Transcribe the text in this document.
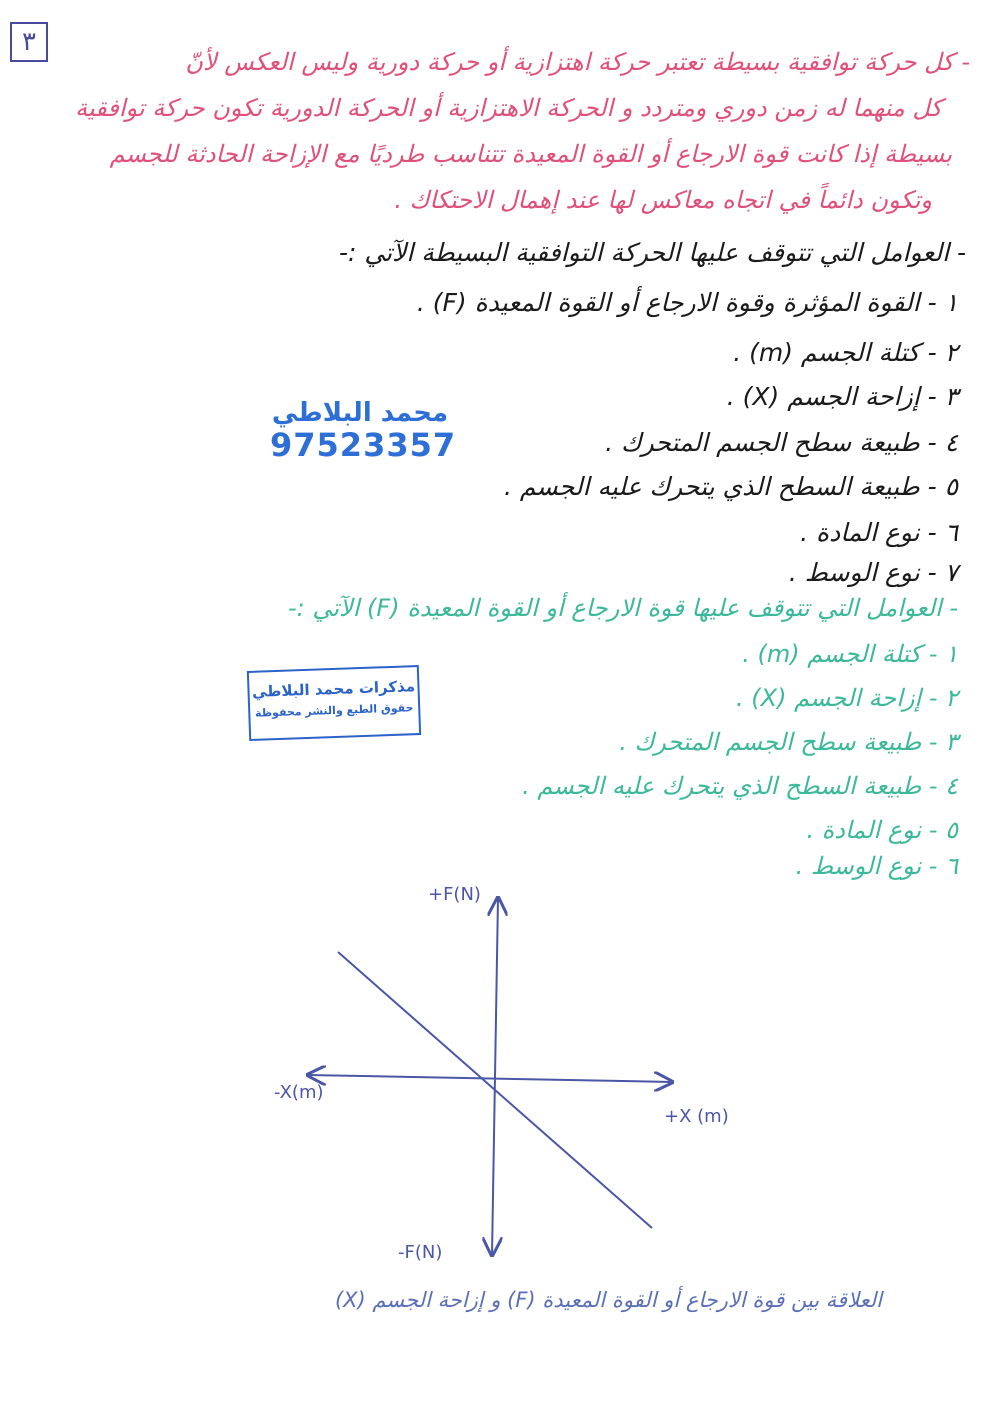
٣
- كل حركة توافقية بسيطة تعتبر حركة اهتزازية أو حركة دورية وليس العكس لأنّ
كل منهما له زمن دوري ومتردد و الحركة الاهتزازية أو الحركة الدورية تكون حركة توافقية
بسيطة إذا كانت قوة الارجاع أو القوة المعيدة تتناسب طرديًا مع الإزاحة الحادثة للجسم
وتكون دائماً في اتجاه معاكس لها عند إهمال الاحتكاك .
- العوامل التي تتوقف عليها الحركة التوافقية البسيطة الآتي :-
١ - القوة المؤثرة وقوة الارجاع أو القوة المعيدة (F) .
٢ - كتلة الجسم (m) .
٣ - إزاحة الجسم (X) .
٤ - طبيعة سطح الجسم المتحرك .
٥ - طبيعة السطح الذي يتحرك عليه الجسم .
٦ - نوع المادة .
٧ - نوع الوسط .
محمد البلاطي
97523357
- العوامل التي تتوقف عليها قوة الارجاع أو القوة المعيدة (F) الآتي :-
١ - كتلة الجسم (m) .
٢ - إزاحة الجسم (X) .
٣ - طبيعة سطح الجسم المتحرك .
٤ - طبيعة السطح الذي يتحرك عليه الجسم .
٥ - نوع المادة .
٦ - نوع الوسط .
مذكرات محمد البلاطي
حقوق الطبع والنشر محفوظة
+F(N)
-F(N)
-X(m)
+X (m)
العلاقة بين قوة الارجاع أو القوة المعيدة (F) و إزاحة الجسم (X)
